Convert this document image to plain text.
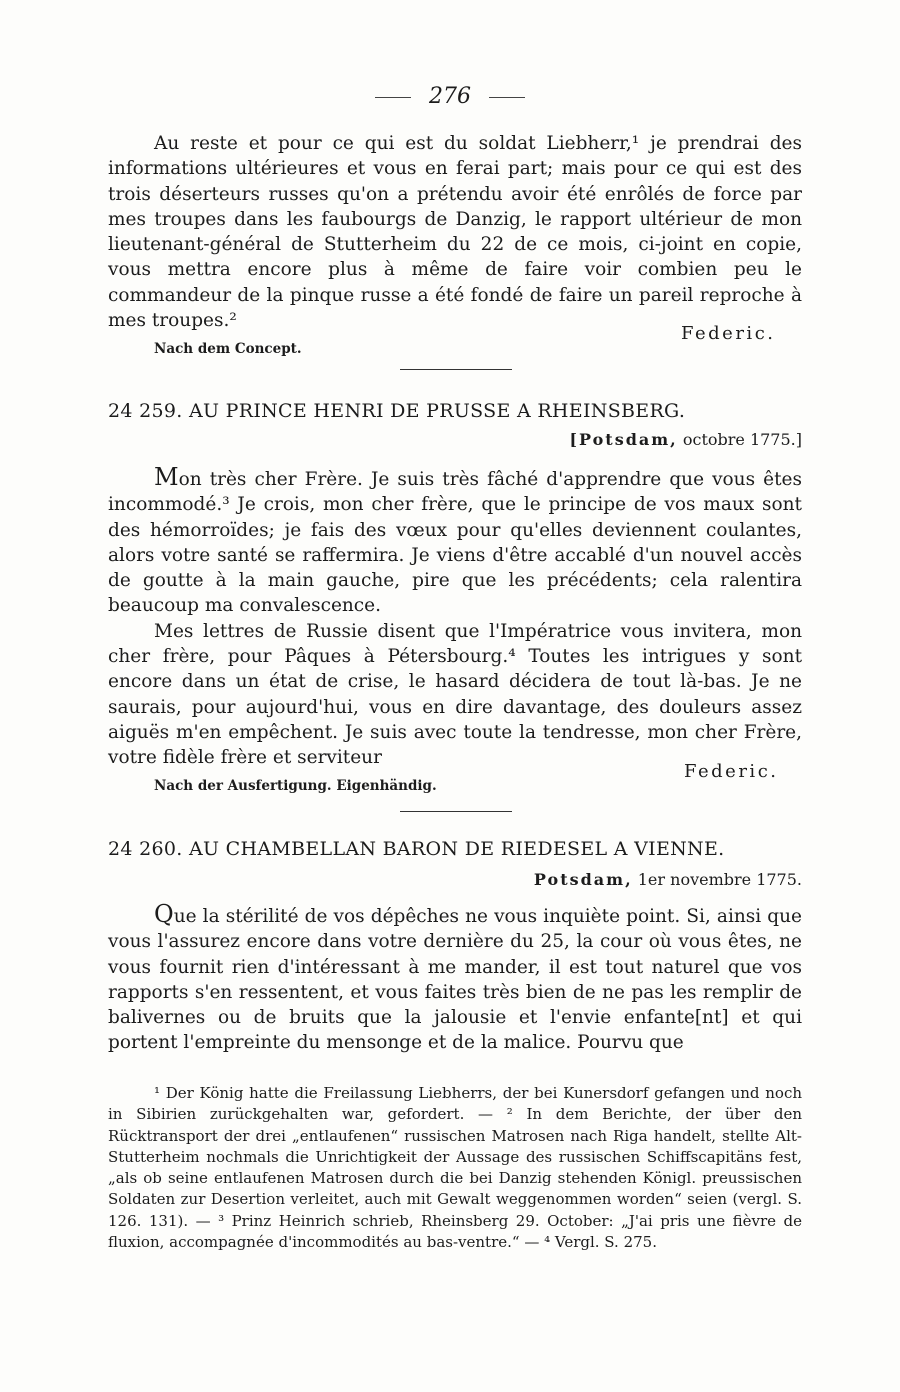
276

Au reste et pour ce qui est du soldat Liebherr,¹ je prendrai des informations ultérieures et vous en ferai part; mais pour ce qui est des trois déserteurs russes qu'on a prétendu avoir été enrôlés de force par mes troupes dans les faubourgs de Danzig, le rapport ultérieur de mon lieutenant-général de Stutterheim du 22 de ce mois, ci-joint en copie, vous mettra encore plus à même de faire voir combien peu le commandeur de la pinque russe a été fondé de faire un pareil reproche à mes troupes.²

Federic.
Nach dem Concept.
24 259. AU PRINCE HENRI DE PRUSSE A RHEINSBERG.
[Potsdam, octobre 1775.]

Mon très cher Frère. Je suis très fâché d'apprendre que vous êtes incommodé.³ Je crois, mon cher frère, que le principe de vos maux sont des hémorroïdes; je fais des vœux pour qu'elles deviennent coulantes, alors votre santé se raffermira. Je viens d'être accablé d'un nouvel accès de goutte à la main gauche, pire que les précédents; cela ralentira beaucoup ma convalescence.

Mes lettres de Russie disent que l'Impératrice vous invitera, mon cher frère, pour Pâques à Pétersbourg.⁴ Toutes les intrigues y sont encore dans un état de crise, le hasard décidera de tout là-bas. Je ne saurais, pour aujourd'hui, vous en dire davantage, des douleurs assez aiguës m'en empêchent. Je suis avec toute la tendresse, mon cher Frère, votre fidèle frère et serviteur

Federic.
Nach der Ausfertigung. Eigenhändig.
24 260. AU CHAMBELLAN BARON DE RIEDESEL A VIENNE.
Potsdam, 1er novembre 1775.

Que la stérilité de vos dépêches ne vous inquiète point. Si, ainsi que vous l'assurez encore dans votre dernière du 25, la cour où vous êtes, ne vous fournit rien d'intéressant à me mander, il est tout naturel que vos rapports s'en ressentent, et vous faites très bien de ne pas les remplir de balivernes ou de bruits que la jalousie et l'envie enfante[nt] et qui portent l'empreinte du mensonge et de la malice. Pourvu que

¹ Der König hatte die Freilassung Liebherrs, der bei Kunersdorf gefangen und noch in Sibirien zurückgehalten war, gefordert. — ² In dem Berichte, der über den Rücktransport der drei „entlaufenen“ russischen Matrosen nach Riga handelt, stellte Alt-Stutterheim nochmals die Unrichtigkeit der Aussage des russischen Schiffscapitäns fest, „als ob seine entlaufenen Matrosen durch die bei Danzig stehenden Königl. preussischen Soldaten zur Desertion verleitet, auch mit Gewalt weggenommen worden“ seien (vergl. S. 126. 131). — ³ Prinz Heinrich schrieb, Rheinsberg 29. October: „J'ai pris une fièvre de fluxion, accompagnée d'incommodités au bas-ventre.“ — ⁴ Vergl. S. 275.
